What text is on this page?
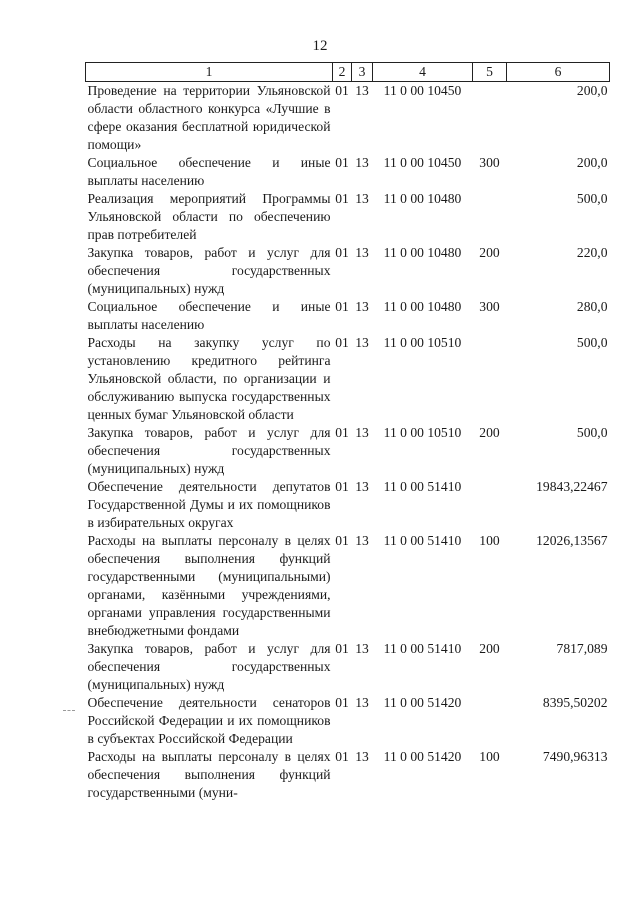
12
1	2	3	4	5	6
Проведение на территории Ульяновской области областного конкурса «Лучшие в сфере оказания бесплатной юридической помощи»	01	13	11 0 00 10450		200,0
Социальное обеспечение и иные выплаты населению	01	13	11 0 00 10450	300	200,0
Реализация мероприятий Программы Ульяновской области по обеспечению прав потребителей	01	13	11 0 00 10480		500,0
Закупка товаров, работ и услуг для обеспечения государственных (муниципальных) нужд	01	13	11 0 00 10480	200	220,0
Социальное обеспечение и иные выплаты населению	01	13	11 0 00 10480	300	280,0
Расходы на закупку услуг по установлению кредитного рейтинга Ульяновской области, по организации и обслуживанию выпуска государственных ценных бумаг Ульяновской области	01	13	11 0 00 10510		500,0
Закупка товаров, работ и услуг для обеспечения государственных (муниципальных) нужд	01	13	11 0 00 10510	200	500,0
Обеспечение деятельности депутатов Государственной Думы и их помощников в избирательных округах	01	13	11 0 00 51410		19843,22467
Расходы на выплаты персоналу в целях обеспечения выполнения функций государственными (муниципальными) органами, казёнными учреждениями, органами управления государственными внебюджетными фондами	01	13	11 0 00 51410	100	12026,13567
Закупка товаров, работ и услуг для обеспечения государственных (муниципальных) нужд	01	13	11 0 00 51410	200	7817,089
Обеспечение деятельности сенаторов Российской Федерации и их помощников в субъектах Российской Федерации	01	13	11 0 00 51420		8395,50202
Расходы на выплаты персоналу в целях обеспечения выполнения функций государственными (муни-	01	13	11 0 00 51420	100	7490,96313
